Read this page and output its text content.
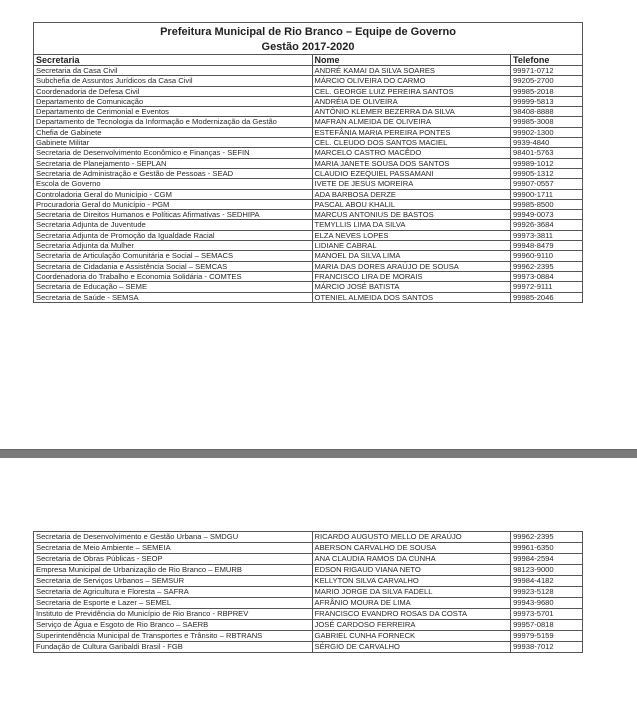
Prefeitura Municipal de Rio Branco – Equipe de Governo
Gestão 2017-2020		

Secretaria	Nome	Telefone
Secretaria da Casa Civil	ANDRÉ KAMAI DA SILVA SOARES	99971-0712
Subchefia de Assuntos Jurídicos da Casa Civil	MÁRCIO OLIVEIRA DO CARMO	99205-2700
Coordenadoria de Defesa Civil	CEL. GEORGE LUIZ PEREIRA SANTOS	99985-2018
Departamento de Comunicação	ANDRÉIA DE OLIVEIRA	99999-5813
Departamento de Cerimonial e Eventos	ANTÔNIO KLEMER BEZERRA DA SILVA	98408-8888
Departamento de Tecnologia da Informação e Modernização da Gestão	MAFRAN ALMEIDA DE OLIVEIRA	99985-3008
Chefia de Gabinete	ESTEFÂNIA MARIA PEREIRA PONTES	99902-1300
Gabinete Militar	CEL. CLEUDO DOS SANTOS MACIEL	9939-4840
Secretaria de Desenvolvimento Econômico e Finanças - SEFIN	MARCELO CASTRO MACÊDO	98401-5763
Secretaria de Planejamento - SEPLAN	MARIA JANETE SOUSA DOS SANTOS	99989-1012
Secretaria de Administração e Gestão de Pessoas - SEAD	CLAUDIO EZEQUIEL PASSAMANI	99905-1312
Escola de Governo	IVETE DE JESUS MOREIRA	99907-0557
Controladoria Geral do Município - CGM	ADA BARBOSA DERZE	99900-1711
Procuradoria Geral do Município - PGM	PASCAL ABOU KHALIL	99985-8500
Secretaria de Direitos Humanos e Políticas Afirmativas - SEDHIPA	MARCUS ANTONIUS DE BASTOS	99949-0073
Secretaria Adjunta de Juventude	TEMYLLIS LIMA DA SILVA	99926-3684
Secretaria Adjunta de Promoção da Igualdade Racial	ELZA NEVES LOPES	99973-3811
Secretaria Adjunta da Mulher	LIDIANE CABRAL	99948-8479
Secretaria de Articulação Comunitária e Social – SEMACS	MANOEL DA SILVA LIMA	99960-9110
Secretaria de Cidadania e Assistência Social – SEMCAS	MARIA DAS DORES ARAÚJO DE SOUSA	99962-2395
Coordenadoria do Trabalho e Economia Solidária - COMTES	FRANCISCO LIRA DE MORAIS	99973-0884
Secretaria de Educação – SEME	MÁRCIO JOSÉ BATISTA	99972-9111
Secretaria de Saúde - SEMSA	OTENIEL ALMEIDA DOS SANTOS	99985-2046
Secretaria de Desenvolvimento e Gestão Urbana – SMDGU	RICARDO AUGUSTO MELLO DE ARAÚJO	99962-2395
Secretaria de Meio Ambiente – SEMEIA	ABERSON CARVALHO DE SOUSA	99961-6350
Secretaria de Obras Públicas - SEOP	ANA CLAUDIA RAMOS DA CUNHA	99984-2594
Empresa Municipal de Urbanização de Rio Branco – EMURB	EDSON RIGAUD VIANA NETO	98123-9000
Secretaria de Serviços Urbanos – SEMSUR	KELLYTON SILVA CARVALHO	99984-4182
Secretaria de Agricultura e Floresta – SAFRA	MARIO JORGE DA SILVA FADELL	99923-5128
Secretaria de Esporte e Lazer – SEMEL	AFRÂNIO MOURA DE LIMA	99943-9680
Instituto de Previdência do Município de Rio Branco - RBPREV	FRANCISCO EVANDRO ROSAS DA COSTA	99973-5701
Serviço de Água e Esgoto de Rio Branco – SAERB	JOSÉ CARDOSO FERREIRA	99957-0818
Superintendência Municipal de Transportes e Trânsito – RBTRANS	GABRIEL CUNHA FORNECK	99979-5159
Fundação de Cultura Garibaldi Brasil - FGB	SÉRGIO DE CARVALHO	99938-7012
